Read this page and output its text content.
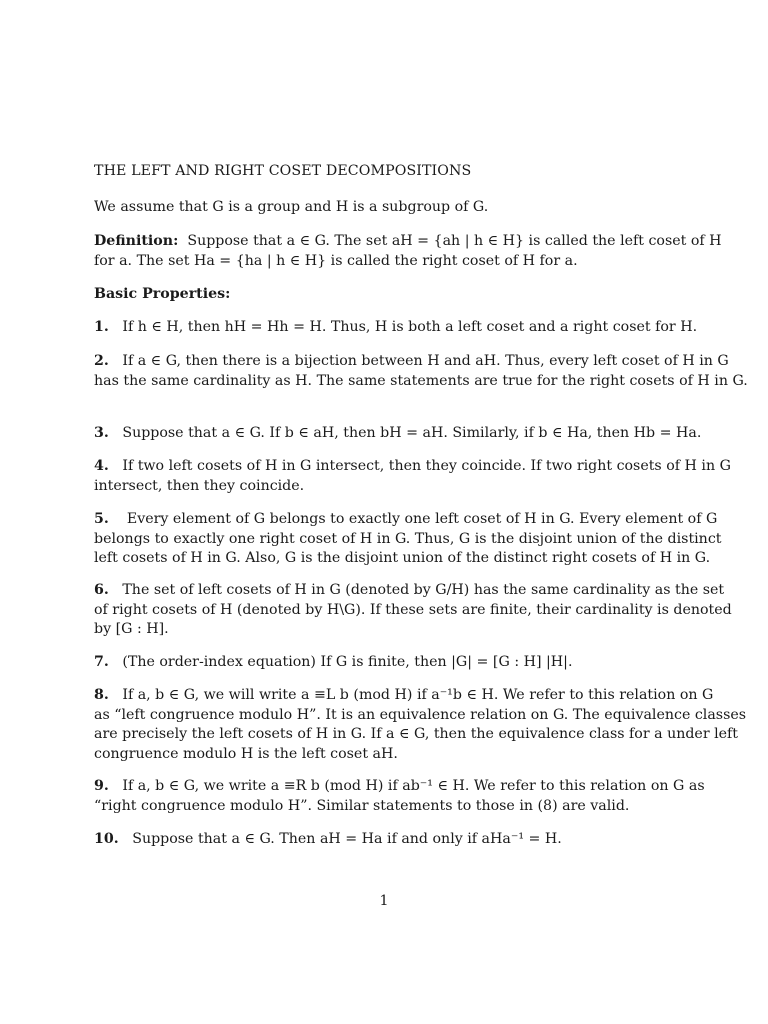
THE LEFT AND RIGHT COSET DECOMPOSITIONS
We assume that G is a group and H is a subgroup of G.
Definition: Suppose that a ∈ G. The set aH = {ah | h ∈ H} is called the left coset of H
for a. The set Ha = {ha | h ∈ H} is called the right coset of H for a.
Basic Properties:
1. If h ∈ H, then hH = Hh = H. Thus, H is both a left coset and a right coset for H.
2. If a ∈ G, then there is a bijection between H and aH. Thus, every left coset of H in G
has the same cardinality as H. The same statements are true for the right cosets of H in G.
3. Suppose that a ∈ G. If b ∈ aH, then bH = aH. Similarly, if b ∈ Ha, then Hb = Ha.
4. If two left cosets of H in G intersect, then they coincide. If two right cosets of H in G
intersect, then they coincide.
5. Every element of G belongs to exactly one left coset of H in G. Every element of G
belongs to exactly one right coset of H in G. Thus, G is the disjoint union of the distinct
left cosets of H in G. Also, G is the disjoint union of the distinct right cosets of H in G.
6. The set of left cosets of H in G (denoted by G/H) has the same cardinality as the set
of right cosets of H (denoted by H\G). If these sets are finite, their cardinality is denoted
by [G : H].
7. (The order-index equation) If G is finite, then |G| = [G : H] |H|.
8. If a, b ∈ G, we will write a ≡L b (mod H) if a⁻¹b ∈ H. We refer to this relation on G
as “left congruence modulo H”. It is an equivalence relation on G. The equivalence classes
are precisely the left cosets of H in G. If a ∈ G, then the equivalence class for a under left
congruence modulo H is the left coset aH.
9. If a, b ∈ G, we write a ≡R b (mod H) if ab⁻¹ ∈ H. We refer to this relation on G as
“right congruence modulo H”. Similar statements to those in (8) are valid.
10. Suppose that a ∈ G. Then aH = Ha if and only if aHa⁻¹ = H.
1
